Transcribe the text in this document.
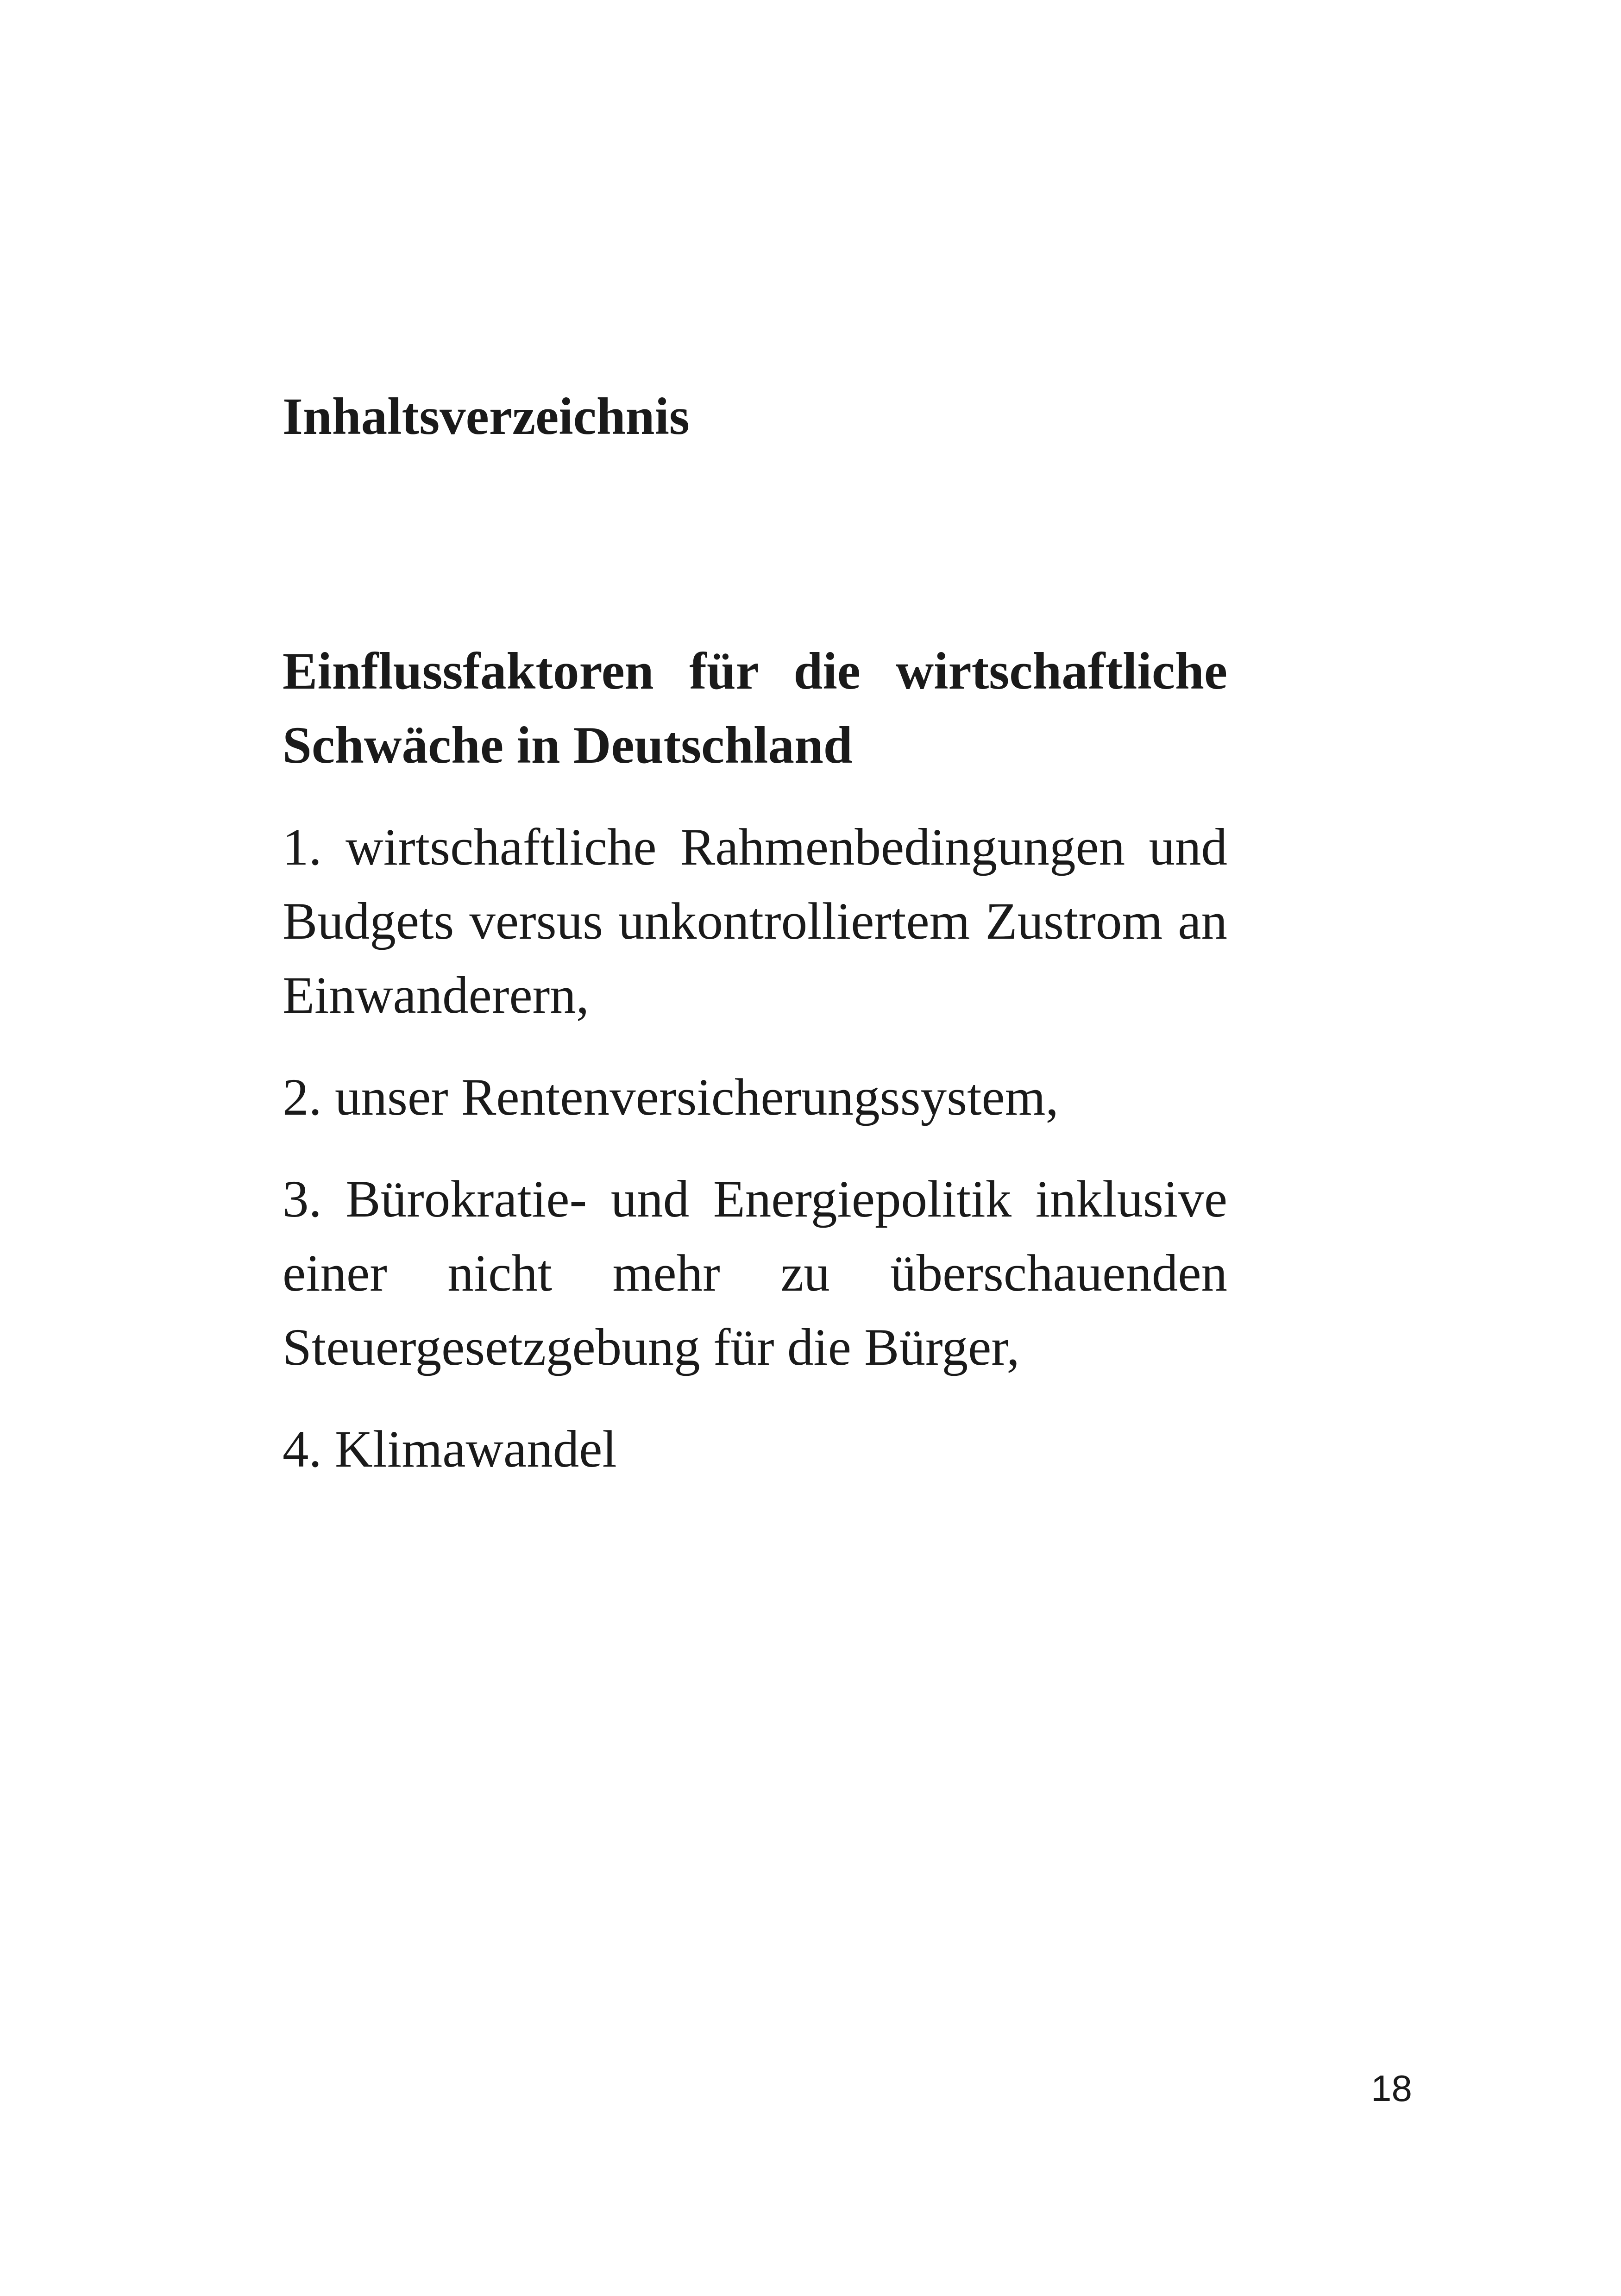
Inhaltsverzeichnis
Einflussfaktoren für die wirtschaftliche Schwäche in Deutschland
1. wirtschaftliche Rahmenbedingungen und Budgets versus unkontrolliertem Zustrom an Einwanderern,
2. unser Rentenversicherungssystem,
3. Bürokratie- und Energiepolitik inklusive einer nicht mehr zu überschauenden Steuergesetzgebung für die Bürger,
4. Klimawandel
18
